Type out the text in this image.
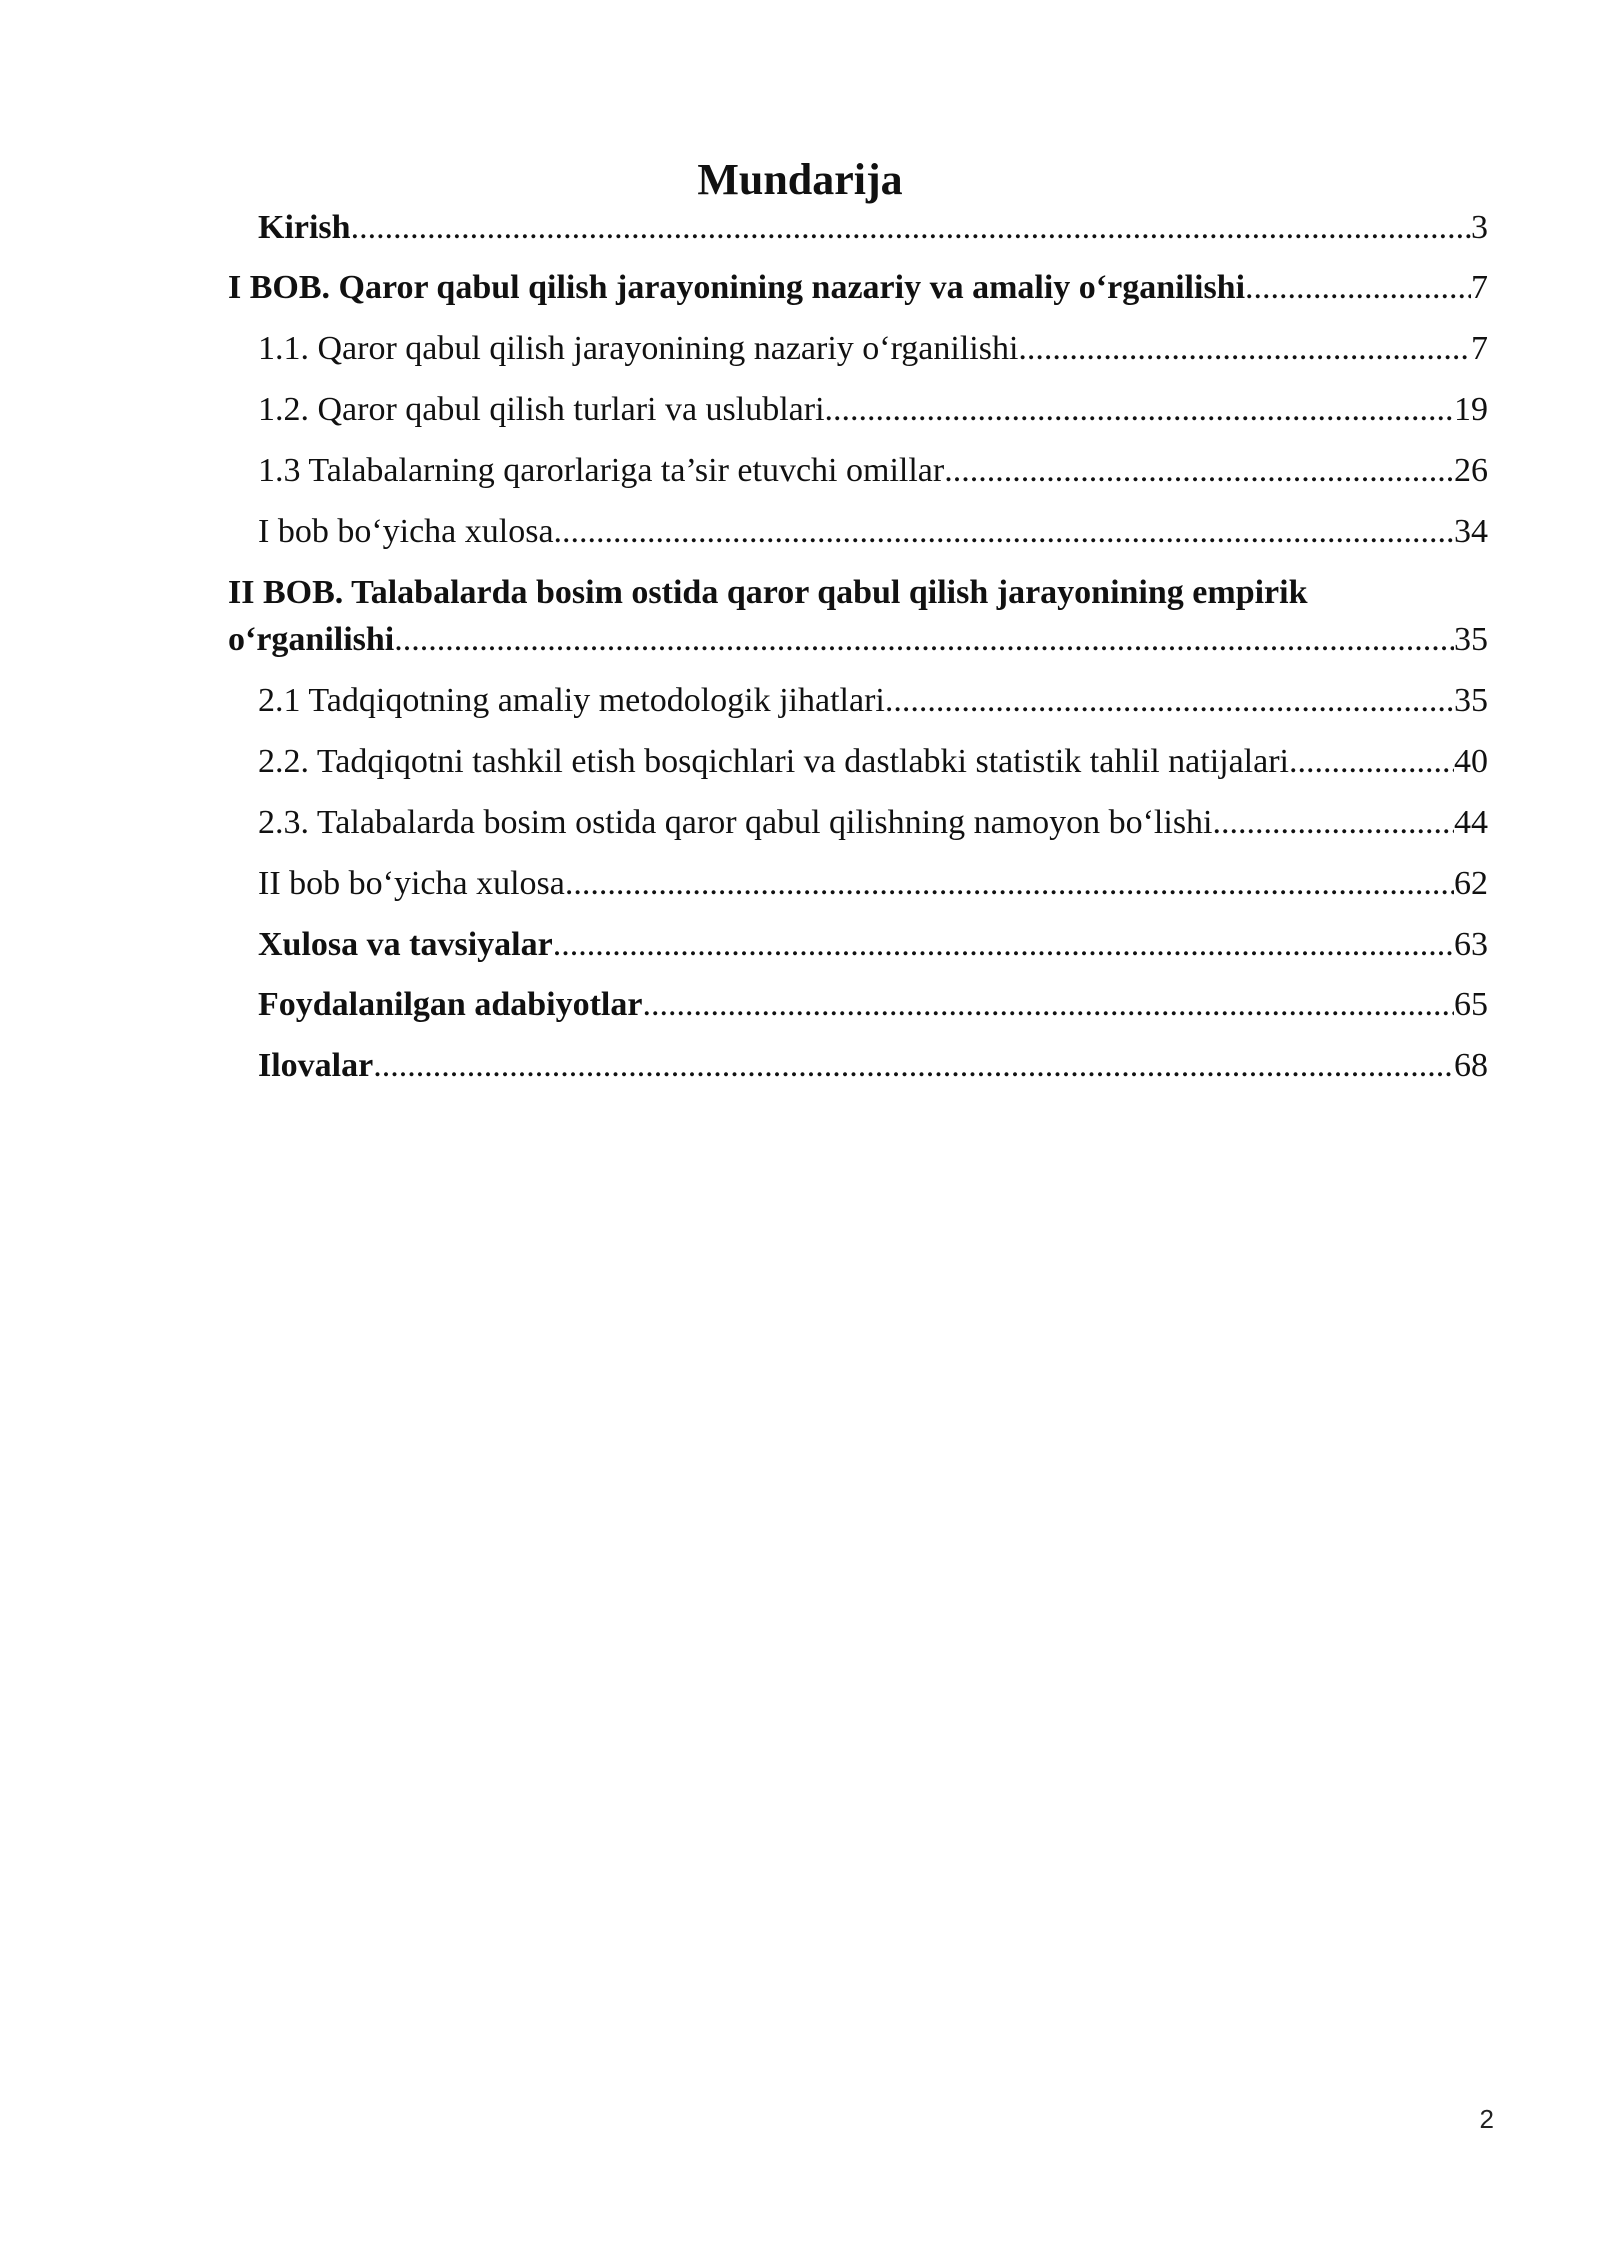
Mundarija
Kirish .....	3
I BOB. Qaror qabul qilish jarayonining nazariy va amaliy o‘rganilishi .....	7
1.1. Qaror qabul qilish jarayonining nazariy o‘rganilishi .....	7
1.2. Qaror qabul qilish turlari va uslublari .....	19
1.3 Talabalarning qarorlariga ta’sir etuvchi omillar .....	26
I bob bo‘yicha xulosa .....	34
II BOB. Talabalarda bosim ostida qaror qabul qilish jarayonining empirik
o‘rganilishi .....	35
2.1 Tadqiqotning amaliy metodologik jihatlari .....	35
2.2. Tadqiqotni tashkil etish bosqichlari va dastlabki statistik tahlil natijalari .....	40
2.3. Talabalarda bosim ostida qaror qabul qilishning namoyon bo‘lishi .....	44
II bob bo‘yicha xulosa .....	62
Xulosa va tavsiyalar .....	63
Foydalanilgan adabiyotlar .....	65
Ilovalar .....	68
2
